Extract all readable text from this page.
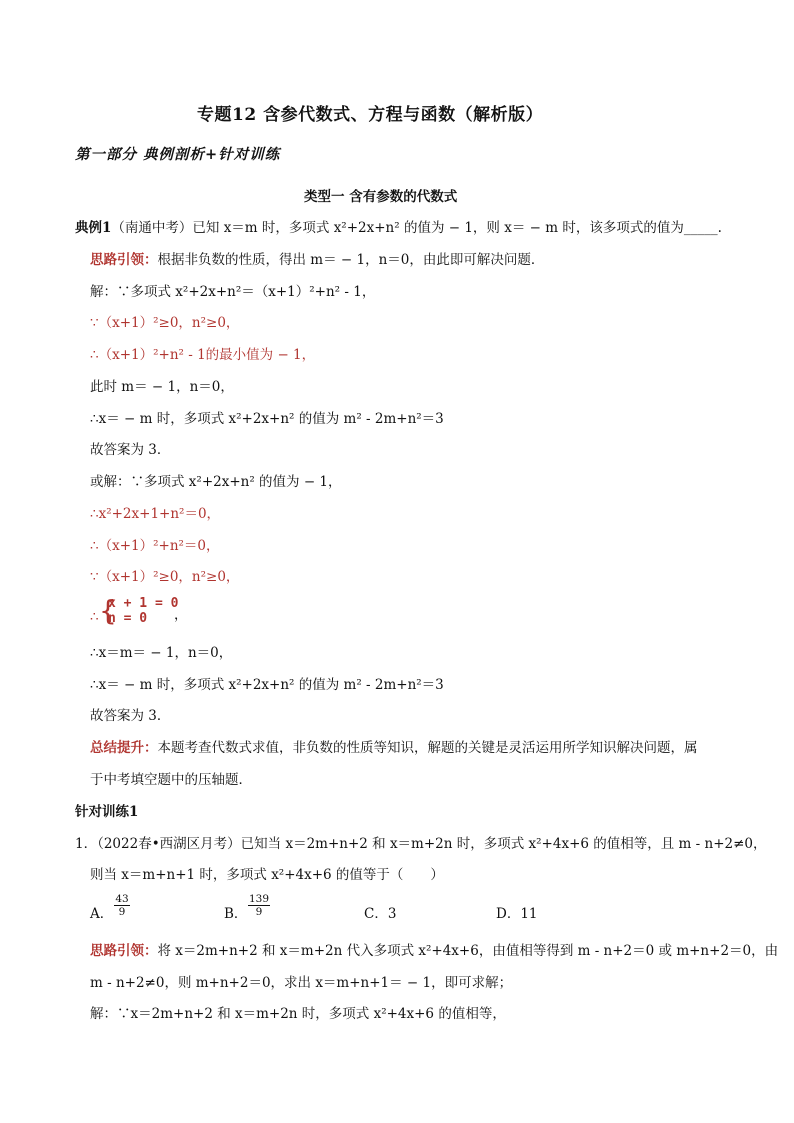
专题12 含参代数式、方程与函数（解析版）
第一部分 典例剖析+针对训练
类型一 含有参数的代数式
典例1（南通中考）已知 x＝m 时，多项式 x²+2x+n² 的值为 − 1，则 x＝ − m 时，该多项式的值为_____.
思路引领：根据非负数的性质，得出 m＝ − 1，n＝0，由此即可解决问题．
解：∵多项式 x²+2x+n²＝（x+1）²+n² - 1，
∵（x+1）²≥0，n²≥0，
∴（x+1）²+n² - 1的最小值为 − 1，
此时 m＝ − 1，n＝0，
∴x＝ − m 时，多项式 x²+2x+n² 的值为 m² - 2m+n²＝3
故答案为 3．
或解：∵多项式 x²+2x+n² 的值为 − 1，
∴x²+2x+1+n²＝0，
∴（x+1）²+n²＝0，
∵（x+1）²≥0，n²≥0，
∴ {
x + 1 = 0
n = 0 ，
∴x＝m＝ − 1，n＝0，
∴x＝ − m 时，多项式 x²+2x+n² 的值为 m² - 2m+n²＝3
故答案为 3．
总结提升：本题考查代数式求值，非负数的性质等知识，解题的关键是灵活运用所学知识解决问题，属
于中考填空题中的压轴题．
针对训练1
1．（2022春•西湖区月考）已知当 x＝2m+n+2 和 x＝m+2n 时，多项式 x²+4x+6 的值相等，且 m - n+2≠0，
则当 x＝m+n+1 时，多项式 x²+4x+6 的值等于（　　）
A． $\frac{43}{9}$	B． $\frac{139}{9}$	C．3	D．11
思路引领：将 x＝2m+n+2 和 x＝m+2n 代入多项式 x²+4x+6，由值相等得到 m - n+2＝0 或 m+n+2＝0，由
m - n+2≠0，则 m+n+2＝0，求出 x＝m+n+1＝ − 1，即可求解；
解：∵x＝2m+n+2 和 x＝m+2n 时，多项式 x²+4x+6 的值相等，
